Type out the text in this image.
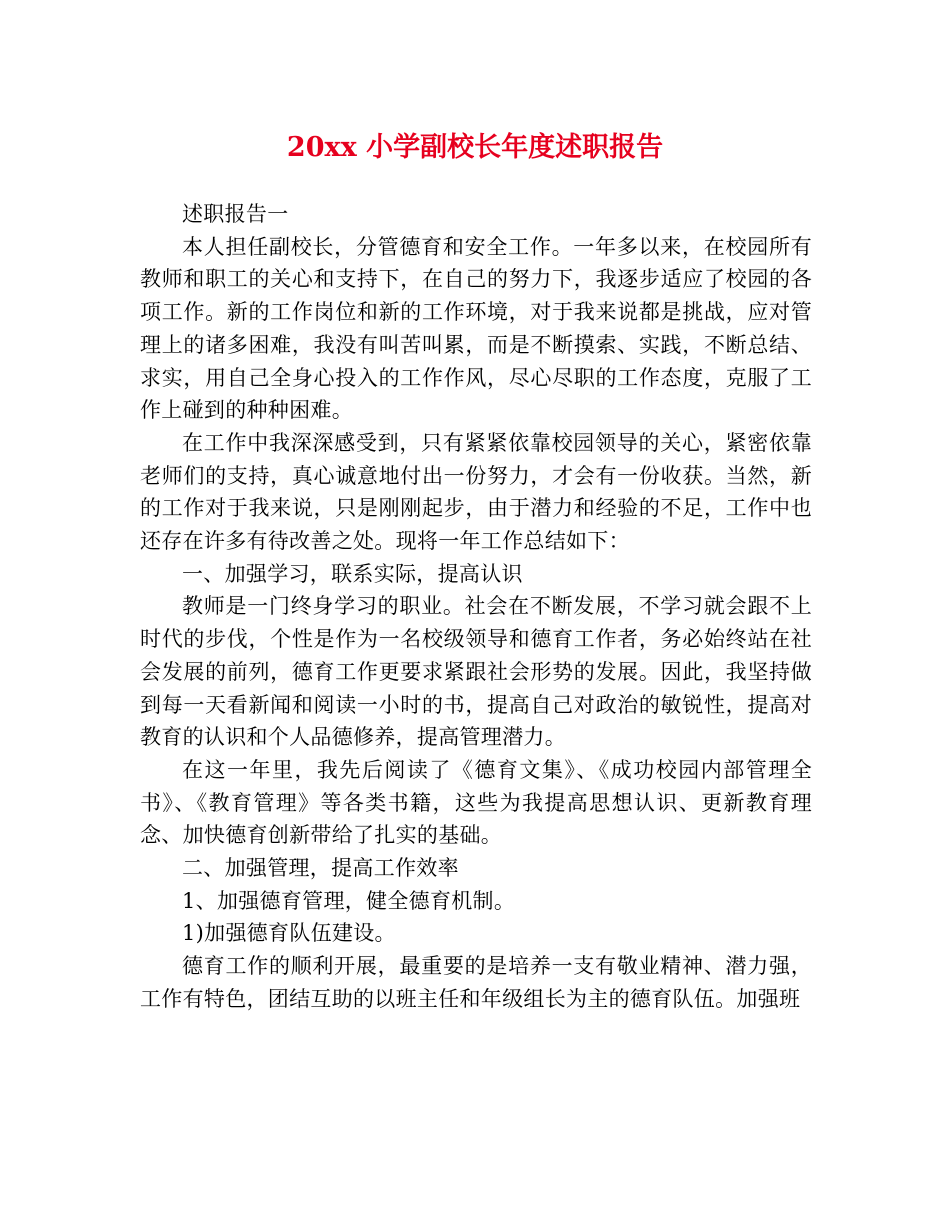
20xx 小学副校长年度述职报告

述职报告一

本人担任副校长，分管德育和安全工作。一年多以来，在校园所有教师和职工的关心和支持下，在自己的努力下，我逐步适应了校园的各项工作。新的工作岗位和新的工作环境，对于我来说都是挑战，应对管理上的诸多困难，我没有叫苦叫累，而是不断摸索、实践，不断总结、求实，用自己全身心投入的工作作风，尽心尽职的工作态度，克服了工作上碰到的种种困难。

在工作中我深深感受到，只有紧紧依靠校园领导的关心，紧密依靠老师们的支持，真心诚意地付出一份努力，才会有一份收获。当然，新的工作对于我来说，只是刚刚起步，由于潜力和经验的不足，工作中也还存在许多有待改善之处。现将一年工作总结如下：

一、加强学习，联系实际，提高认识

教师是一门终身学习的职业。社会在不断发展，不学习就会跟不上时代的步伐，个性是作为一名校级领导和德育工作者，务必始终站在社会发展的前列，德育工作更要求紧跟社会形势的发展。因此，我坚持做到每一天看新闻和阅读一小时的书，提高自己对政治的敏锐性，提高对教育的认识和个人品德修养，提高管理潜力。

在这一年里，我先后阅读了《德育文集》、《成功校园内部管理全书》、《教育管理》等各类书籍，这些为我提高思想认识、更新教育理念、加快德育创新带给了扎实的基础。

二、加强管理，提高工作效率

1、加强德育管理，健全德育机制。

1)加强德育队伍建设。

德育工作的顺利开展，最重要的是培养一支有敬业精神、潜力强，工作有特色，团结互助的以班主任和年级组长为主的德育队伍。加强班
